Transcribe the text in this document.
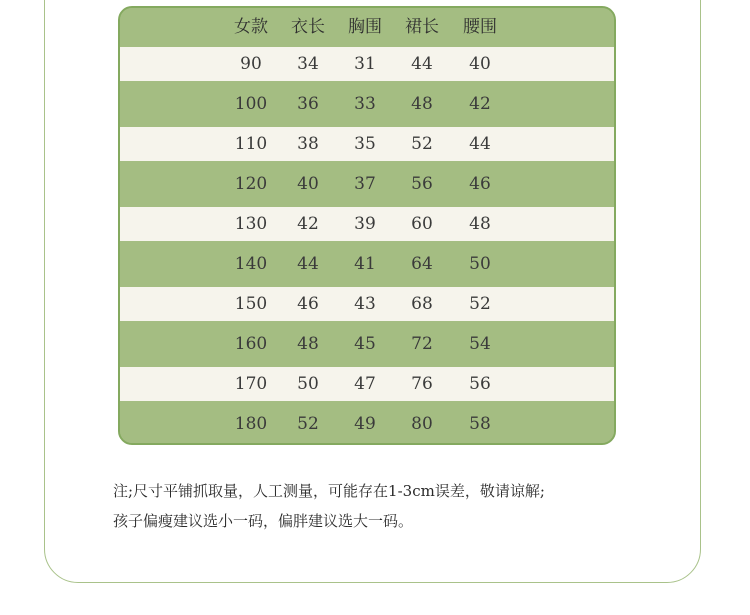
女款	衣长	胸围	裙长	腰围
90	34	31	44	40
100	36	33	48	42
110	38	35	52	44
120	40	37	56	46
130	42	39	60	48
140	44	41	64	50
150	46	43	68	52
160	48	45	72	54
170	50	47	76	56
180	52	49	80	58
注;尺寸平铺抓取量，人工测量，可能存在1-3cm误差，敬请谅解;
孩子偏瘦建议选小一码，偏胖建议选大一码。
